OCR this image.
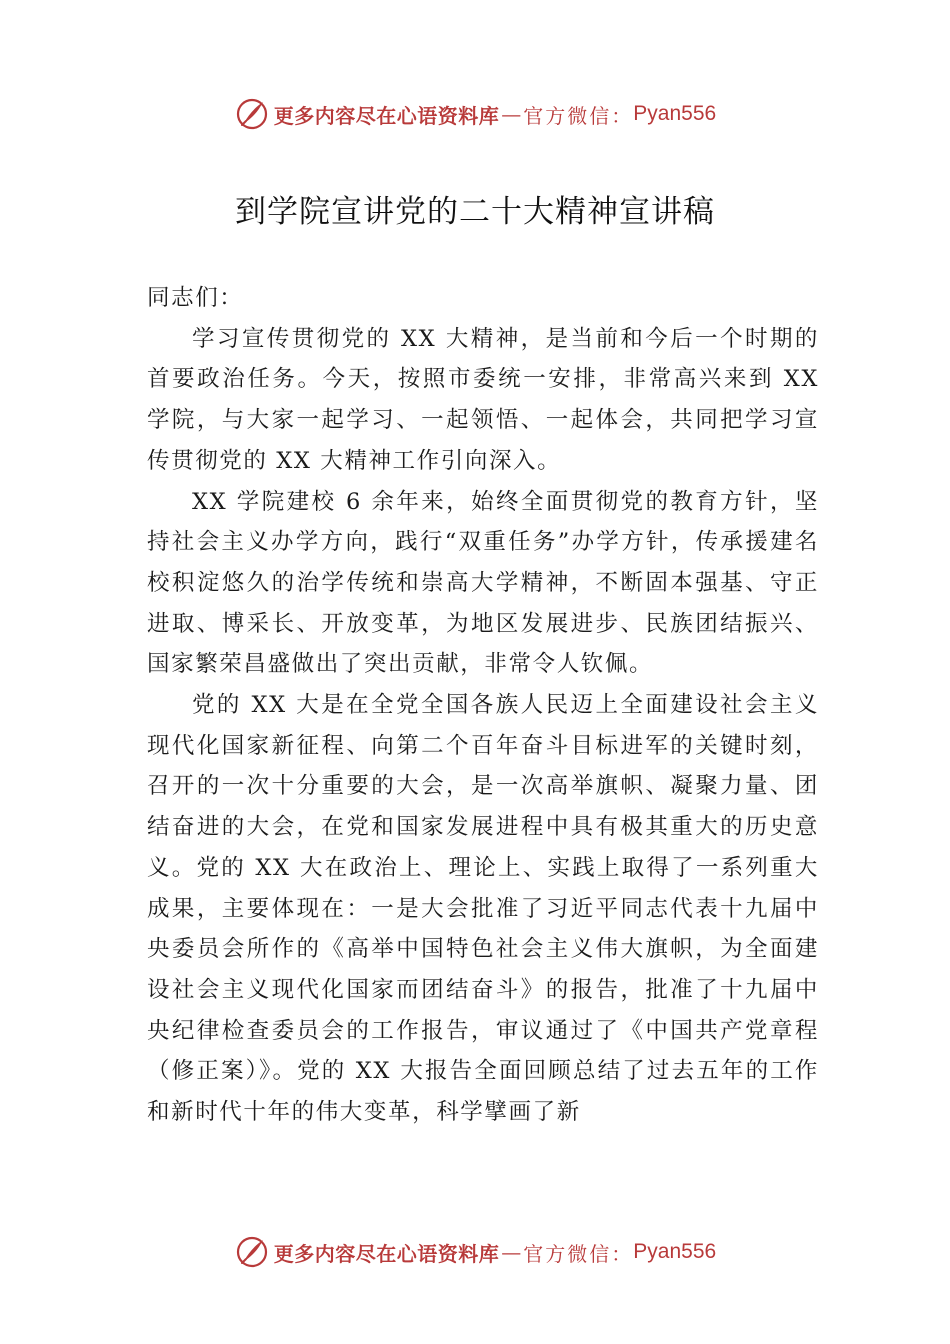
更多内容尽在心语资料库 — 官方微信： Pyan556
到学院宣讲党的二十大精神宣讲稿

同志们：

学习宣传贯彻党的 XX 大精神，是当前和今后一个时期的首要政治任务。今天，按照市委统一安排，非常高兴来到 XX 学院，与大家一起学习、一起领悟、一起体会，共同把学习宣传贯彻党的 XX 大精神工作引向深入。

XX 学院建校 6 余年来，始终全面贯彻党的教育方针，坚持社会主义办学方向，践行“双重任务”办学方针，传承援建名校积淀悠久的治学传统和崇高大学精神，不断固本强基、守正进取、博采长、开放变革，为地区发展进步、民族团结振兴、国家繁荣昌盛做出了突出贡献，非常令人钦佩。

党的 XX 大是在全党全国各族人民迈上全面建设社会主义现代化国家新征程、向第二个百年奋斗目标进军的关键时刻，召开的一次十分重要的大会，是一次高举旗帜、凝聚力量、团结奋进的大会，在党和国家发展进程中具有极其重大的历史意义。党的 XX 大在政治上、理论上、实践上取得了一系列重大成果，主要体现在：一是大会批准了习近平同志代表十九届中央委员会所作的《高举中国特色社会主义伟大旗帜，为全面建设社会主义现代化国家而团结奋斗》的报告，批准了十九届中央纪律检查委员会的工作报告，审议通过了《中国共产党章程（修正案）》。党的 XX 大报告全面回顾总结了过去五年的工作和新时代十年的伟大变革，科学擘画了新

更多内容尽在心语资料库 — 官方微信： Pyan556
